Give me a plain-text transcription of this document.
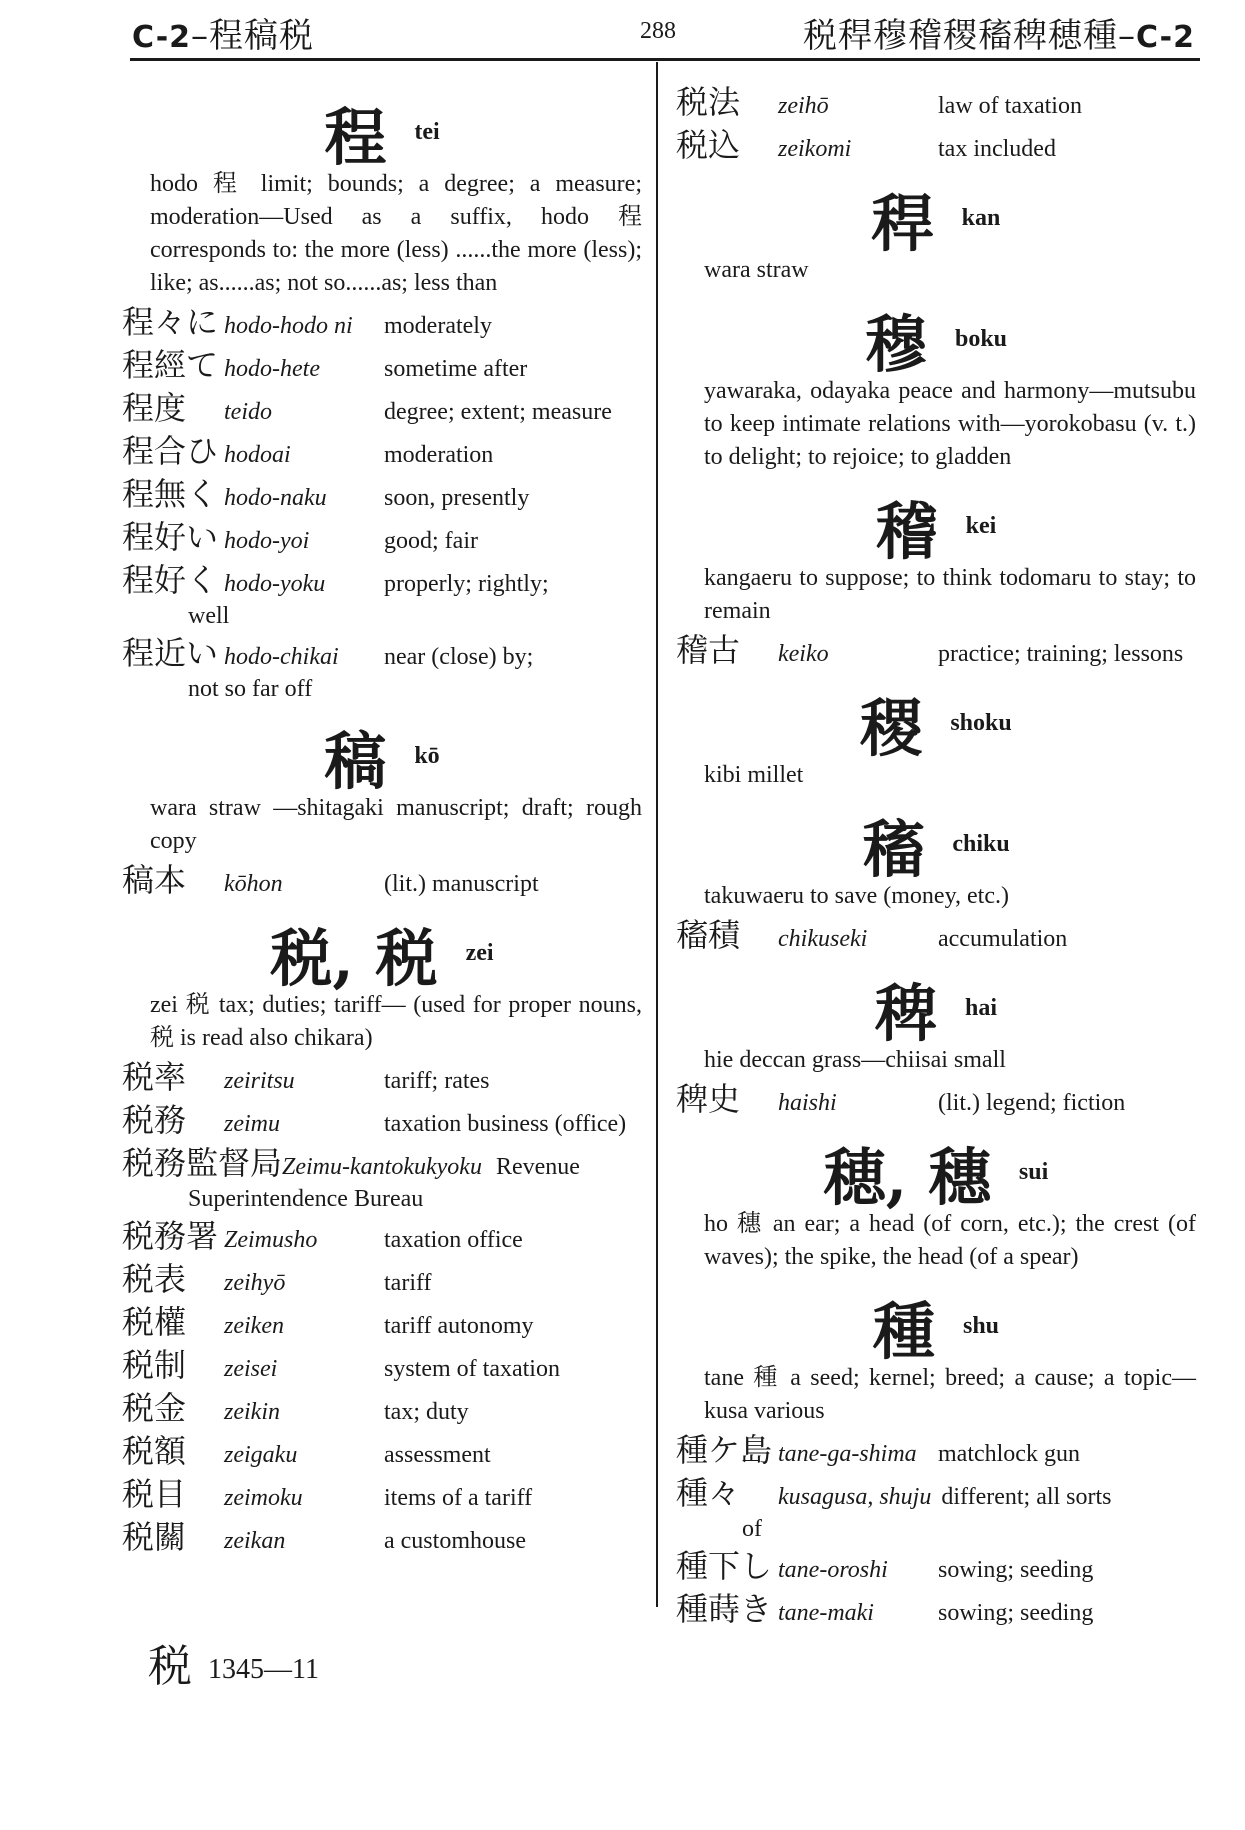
C-2–程稿税	288	税稈穆稽稷稸稗穂種–C-2
程 tei

hodo 程 limit; bounds; a degree; a measure; moderation—Used as a suffix, hodo 程 corresponds to: the more (less) ......the more (less); like; as......as; not so......as; less than

程々に hodo-hodo ni	moderately
程經て hodo-hete	sometime after
程度	teido	degree; extent; measure
程合ひ hodoai	moderation
程無く hodo-naku	soon, presently
程好い hodo-yoi	good; fair
程好く hodo-yoku	properly; rightly;
well
程近い hodo-chikai	near (close) by;
not so far off
稿 kō

wara straw —shitagaki manuscript; draft; rough copy

稿本	kōhon	(lit.) manuscript
税, 税 zei

zei 税 tax; duties; tariff— (used for proper nouns, 税 is read also chikara)

税率	zeiritsu	tariff; rates
税務	zeimu	taxation business (office)
税務監督局 Zeimu-kantokukyoku Revenue
Superintendence Bureau
税務署 Zeimusho	taxation office
税表	zeihyō	tariff
税權	zeiken	tariff autonomy
税制	zeisei	system of taxation
税金	zeikin	tax; duty
税額	zeigaku	assessment
税目	zeimoku	items of a tariff
税關	zeikan	a customhouse
税法	zeihō	law of taxation
税込	zeikomi	tax included
稈 kan

wara straw

穆 boku

yawaraka, odayaka peace and harmony—mutsubu to keep intimate relations with—yorokobasu (v. t.) to delight; to rejoice; to gladden

稽 kei

kangaeru to suppose; to think todomaru to stay; to remain

稽古	keiko	practice; training; lessons
稷 shoku

kibi millet

稸 chiku

takuwaeru to save (money, etc.)

稸積	chikuseki	accumulation
稗 hai

hie deccan grass—chiisai small

稗史	haishi	(lit.) legend; fiction
穂, 穗 sui

ho 穗 an ear; a head (of corn, etc.); the crest (of waves); the spike, the head (of a spear)

種 shu

tane 種 a seed; kernel; breed; a cause; a topic—kusa various

種ケ島 tane-ga-shima matchlock gun
種々	kusagusa, shuju different; all sorts
of
種下し tane-oroshi	sowing; seeding
種蒔き tane-maki	sowing; seeding
税 1345—11
